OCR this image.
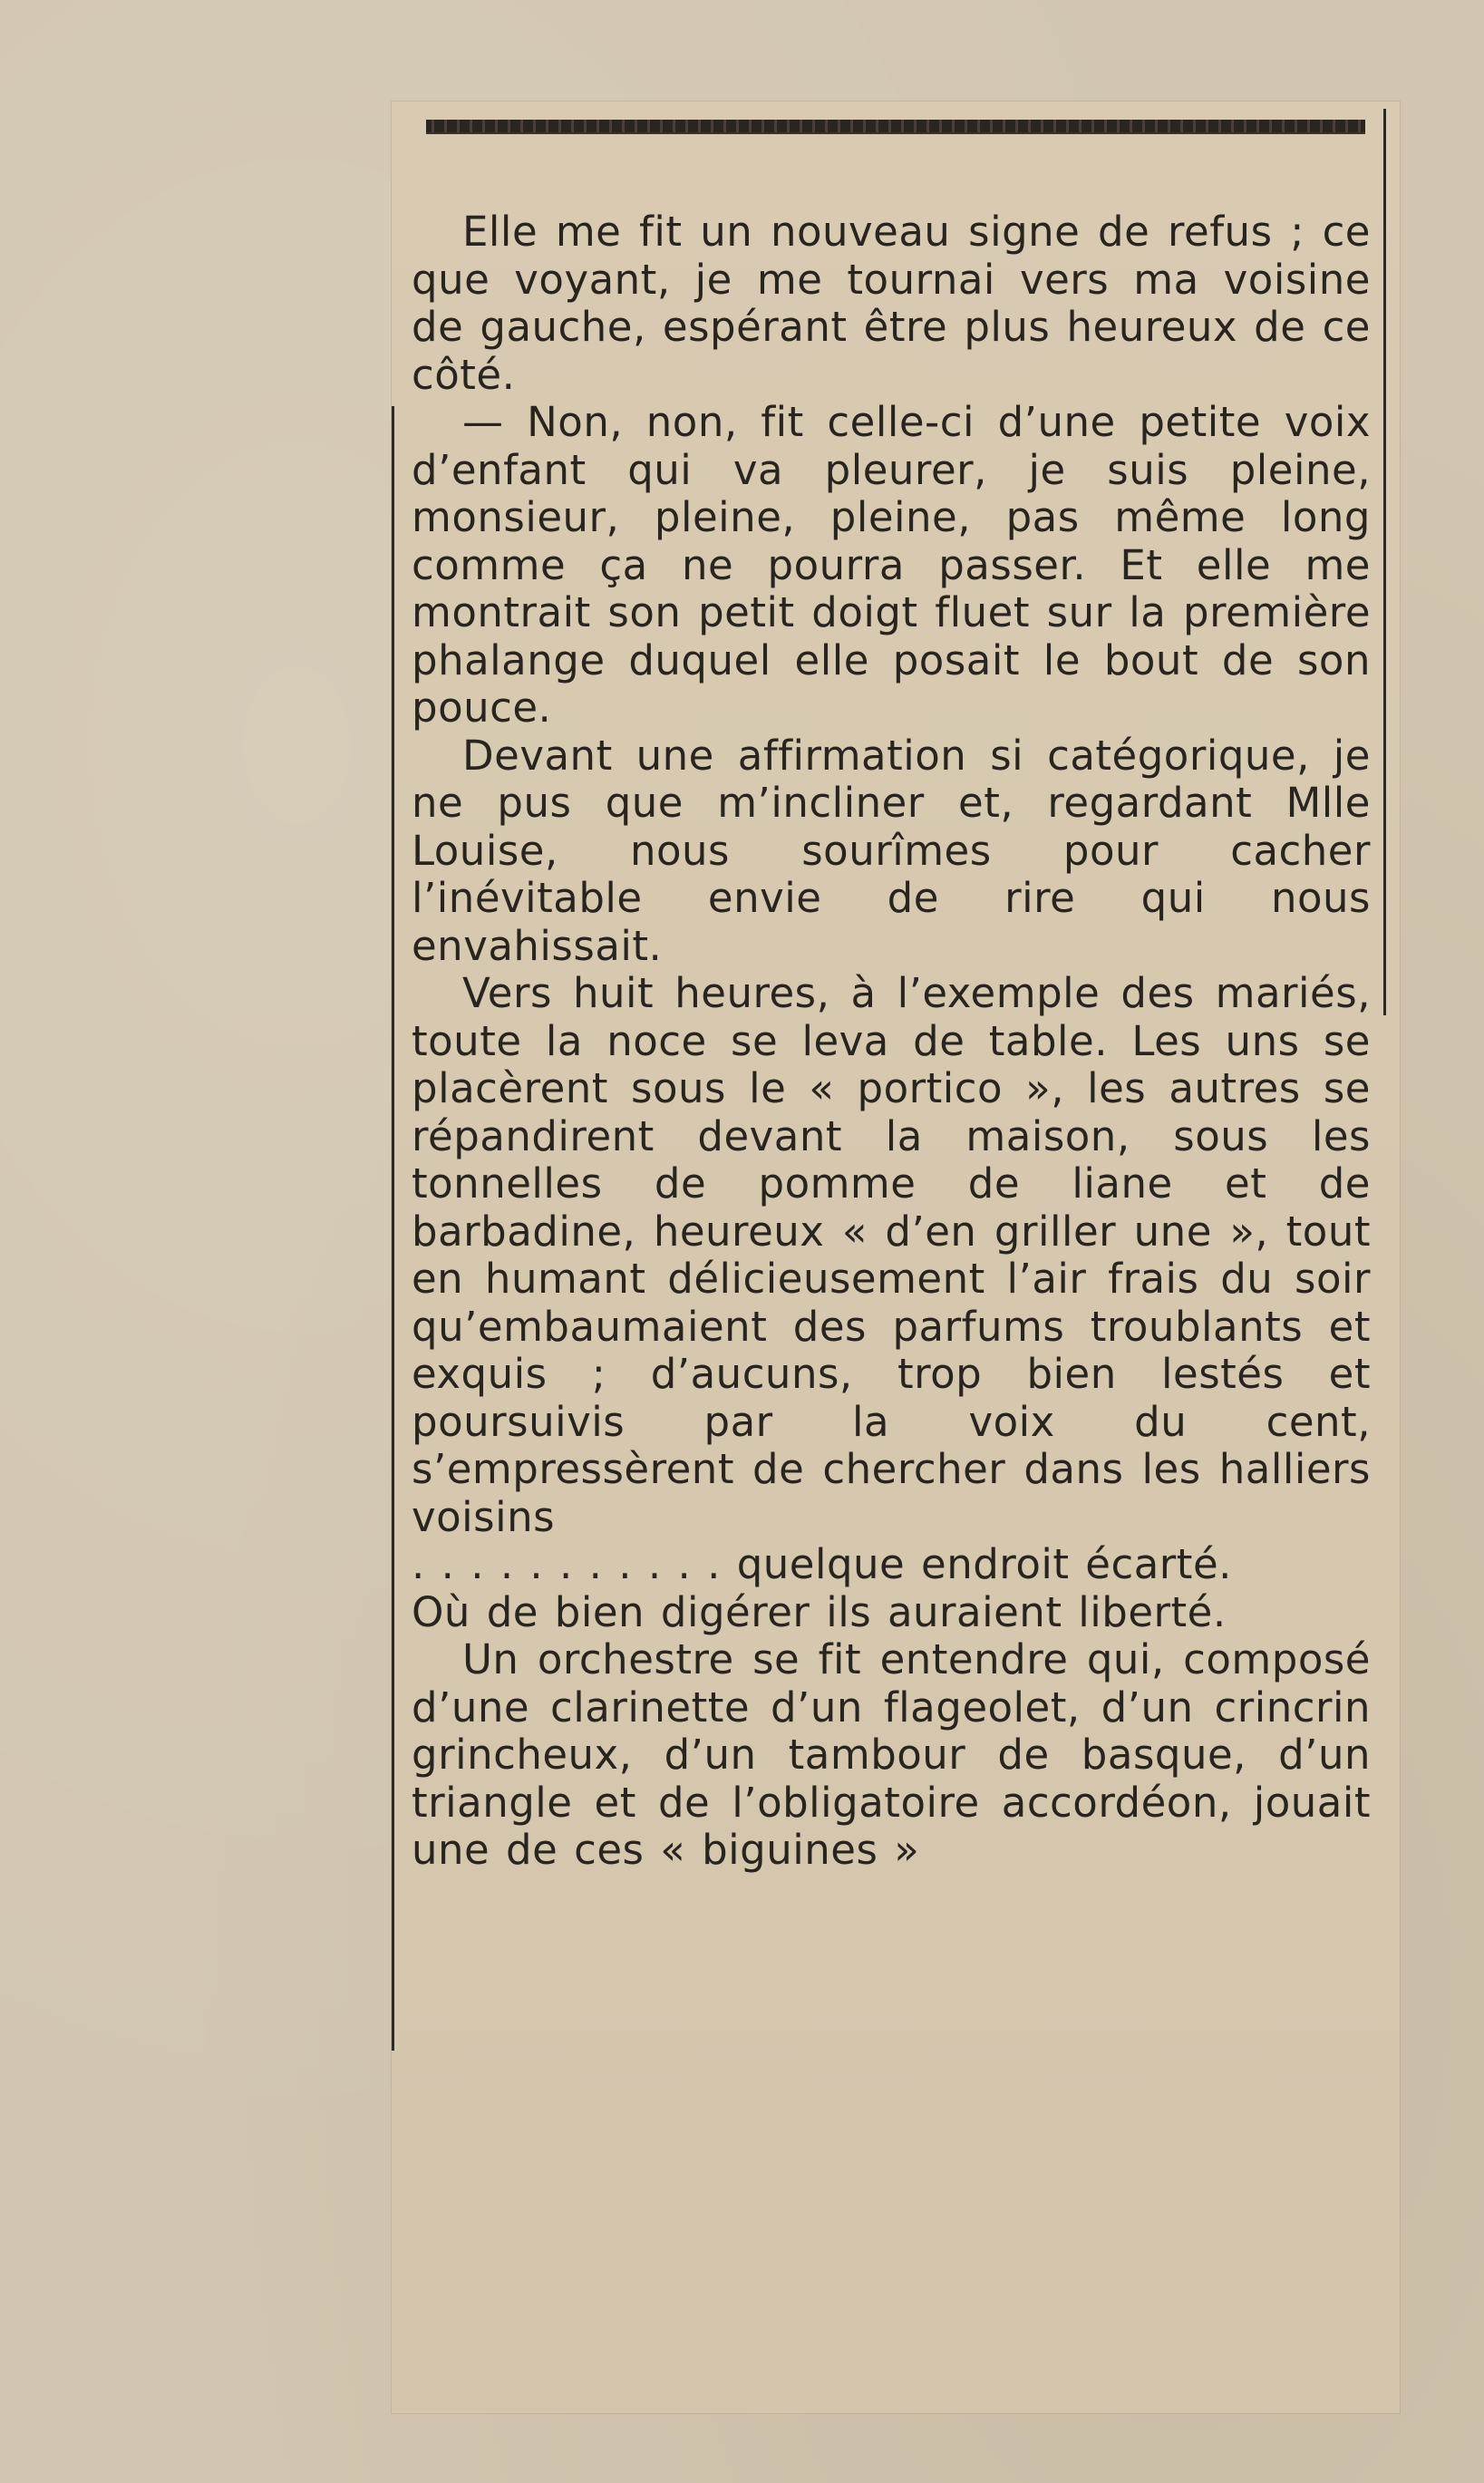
Elle me fit un nouveau signe de refus ; ce que voyant, je me tournai vers ma voisine de gauche, espérant être plus heureux de ce côté.

— Non, non, fit celle-ci d’une petite voix d’enfant qui va pleurer, je suis pleine, monsieur, pleine, pleine, pas même long comme ça ne pourra passer. Et elle me montrait son petit doigt fluet sur la première phalange duquel elle posait le bout de son pouce.

Devant une affirmation si catégorique, je ne pus que m’incliner et, regardant Mlle Louise, nous sourîmes pour cacher l’inévitable envie de rire qui nous envahissait.

Vers huit heures, à l’exemple des mariés, toute la noce se leva de table. Les uns se placèrent sous le « portico », les autres se répandirent devant la maison, sous les tonnelles de pomme de liane et de barbadine, heureux « d’en griller une », tout en humant délicieusement l’air frais du soir qu’embaumaient des parfums troublants et exquis ; d’aucuns, trop bien lestés et poursuivis par la voix du cent, s’empressèrent de chercher dans les halliers voisins

. . . . . . . . . . . quelque endroit écarté.

Où de bien digérer ils auraient liberté.

Un orchestre se fit entendre qui, composé d’une clarinette d’un flageolet, d’un crincrin grincheux, d’un tambour de basque, d’un triangle et de l’obligatoire accordéon, jouait une de ces « biguines »
